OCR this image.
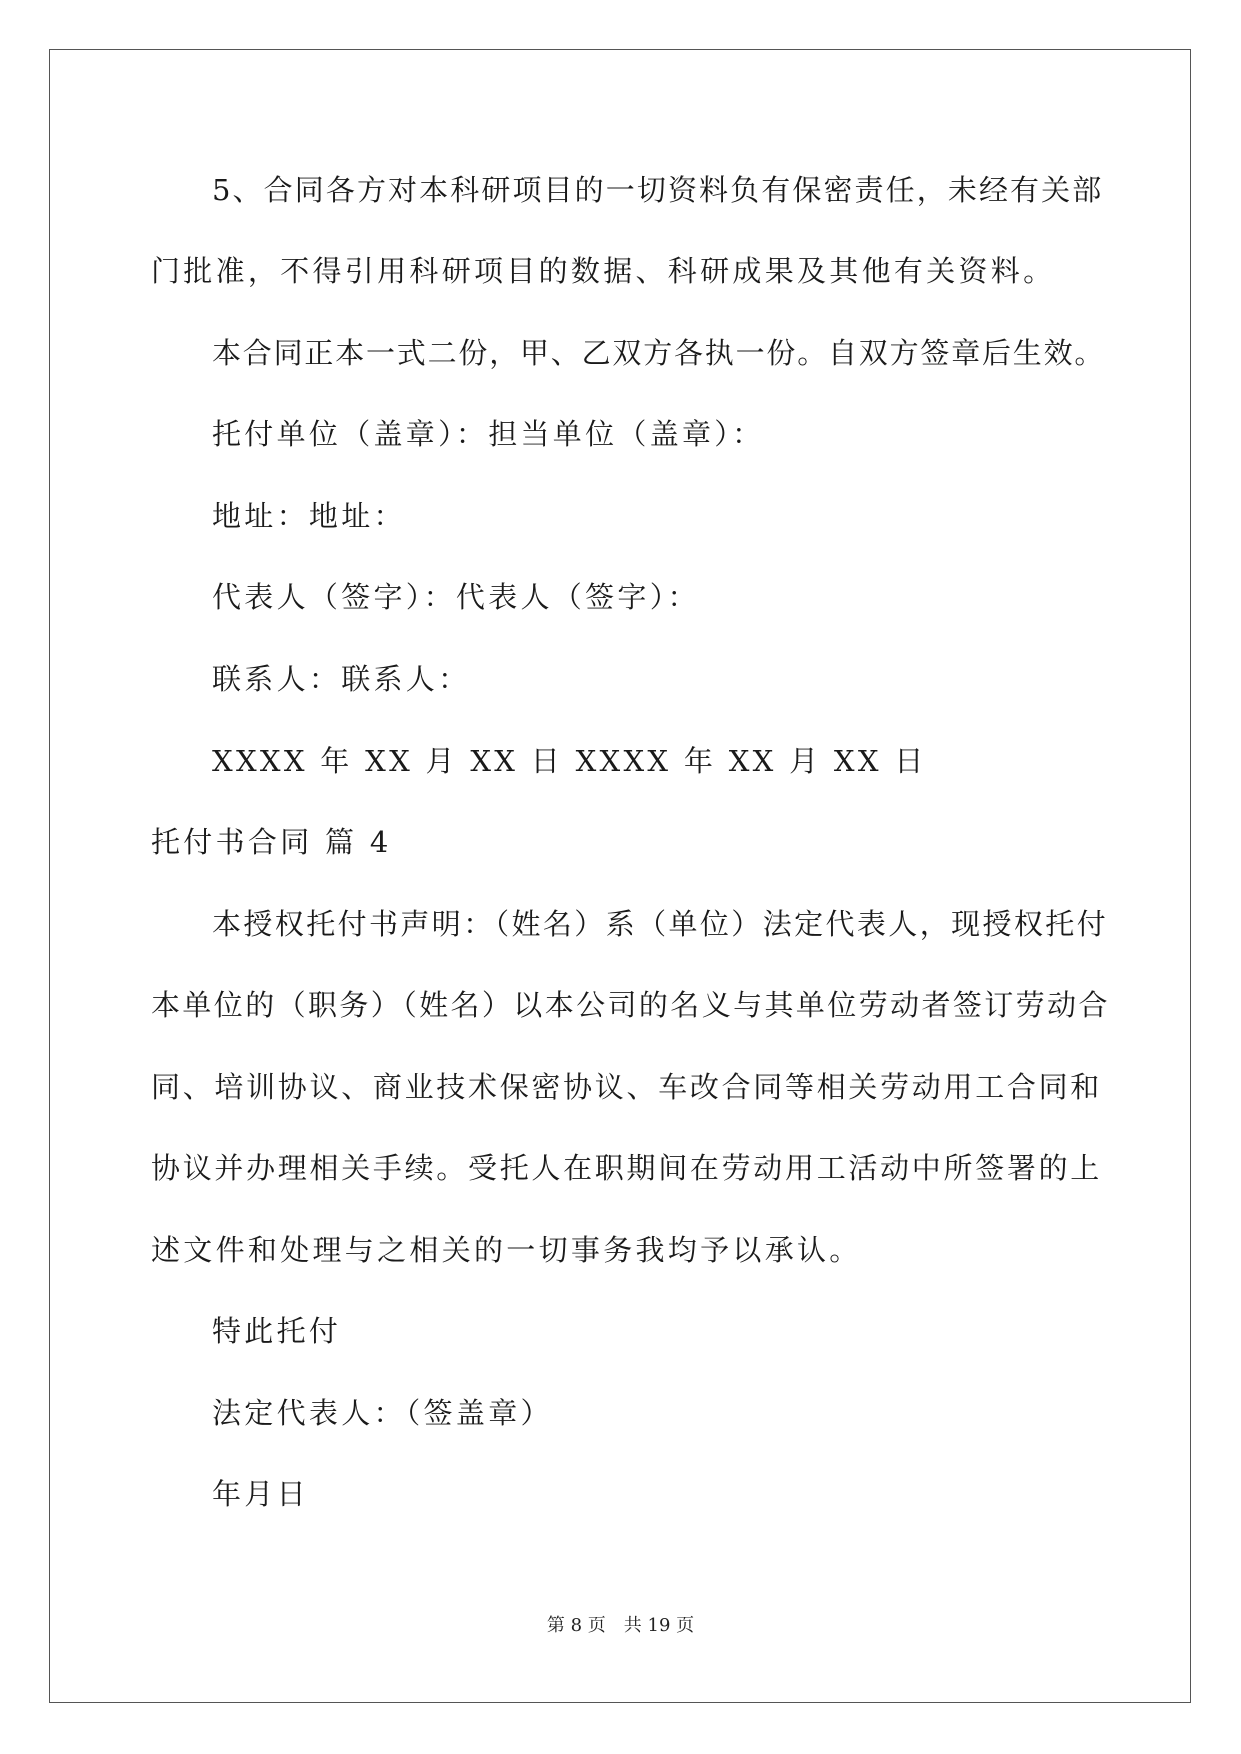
5、合同各方对本科研项目的一切资料负有保密责任，未经有关部
门批准，不得引用科研项目的数据、科研成果及其他有关资料。
本合同正本一式二份，甲、乙双方各执一份。自双方签章后生效。
托付单位（盖章）：担当单位（盖章）：
地址：地址：
代表人（签字）：代表人（签字）：
联系人：联系人：
XXXX 年 XX 月 XX 日 XXXX 年 XX 月 XX 日
托付书合同 篇 4
本授权托付书声明：（姓名）系（单位）法定代表人，现授权托付
本单位的（职务）（姓名）以本公司的名义与其单位劳动者签订劳动合
同、培训协议、商业技术保密协议、车改合同等相关劳动用工合同和
协议并办理相关手续。受托人在职期间在劳动用工活动中所签署的上
述文件和处理与之相关的一切事务我均予以承认。
特此托付
法定代表人：（签盖章）
年月日
第 8 页 共 19 页
